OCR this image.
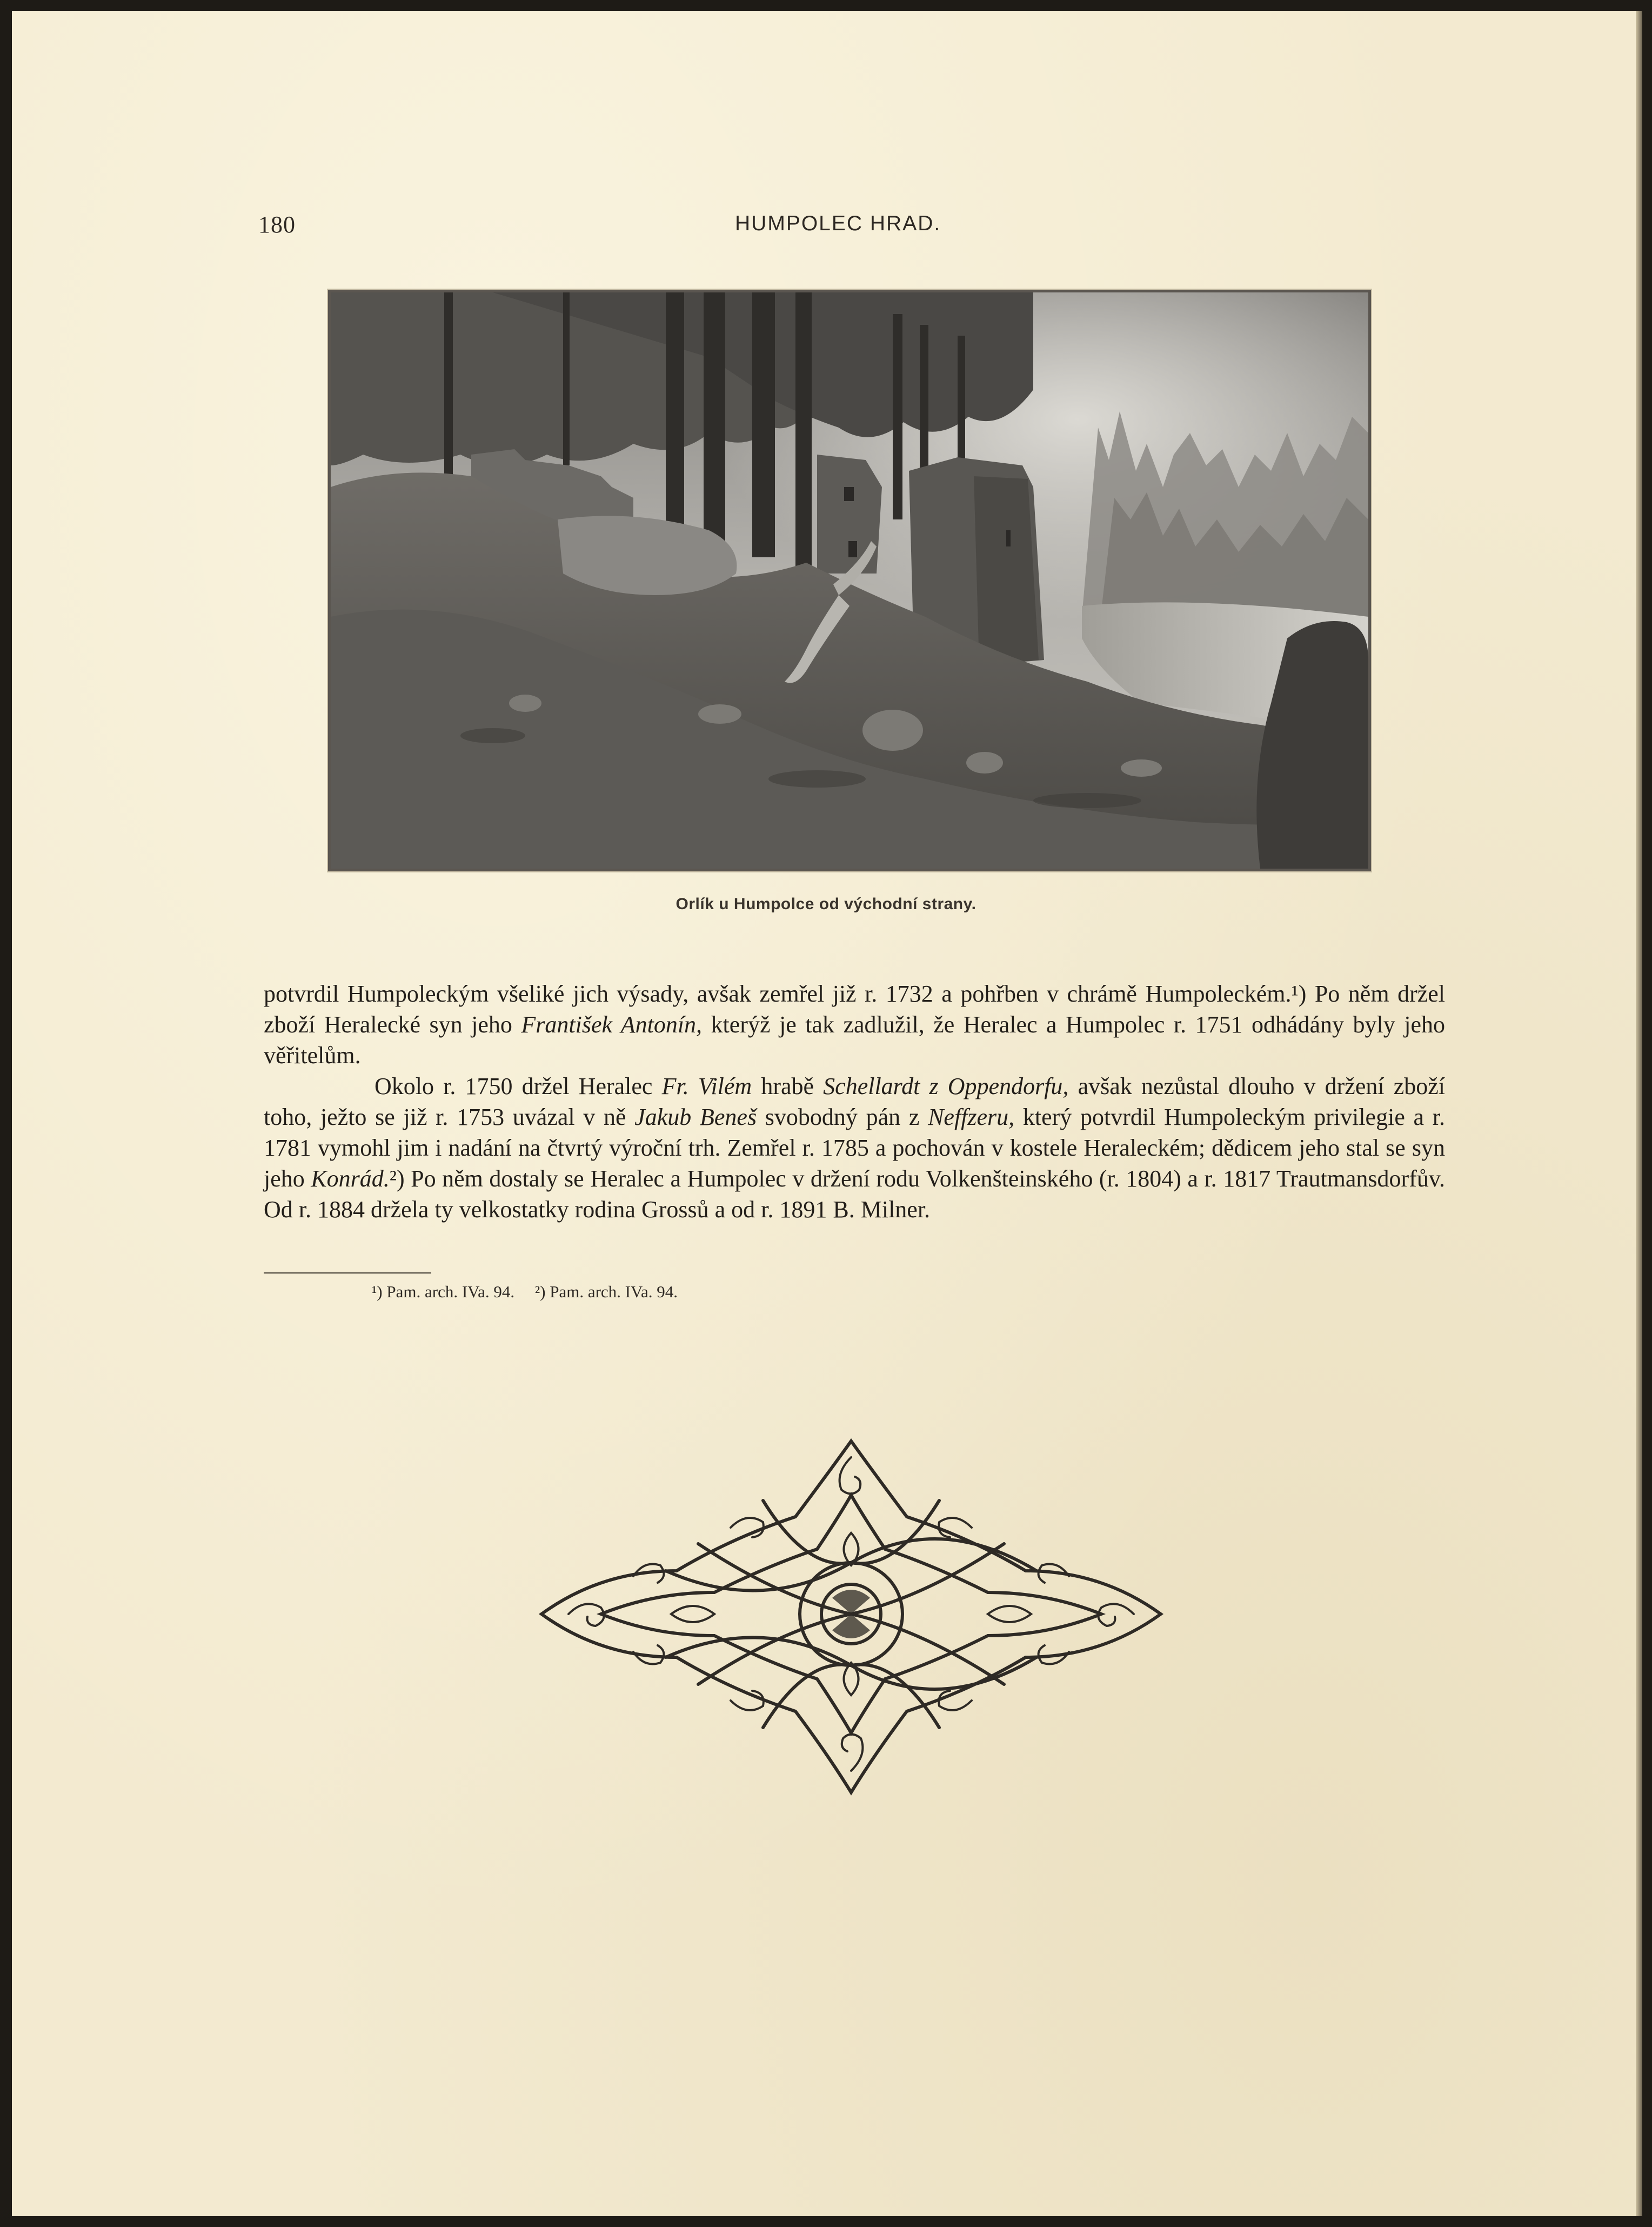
180	HUMPOLEC HRAD.
Orlík u Humpolce od východní strany.

potvrdil Humpoleckým všeliké jich výsady, avšak zemřel již r. 1732 a pohřben v chrámě Humpoleckém.¹) Po něm držel zboží Heralecké syn jeho František Antonín, kterýž je tak zadlužil, že Heralec a Humpolec r. 1751 odhádány byly jeho věřitelům.

Okolo r. 1750 držel Heralec Fr. Vilém hrabě Schellardt z Oppendorfu, avšak nezůstal dlouho v držení zboží toho, ježto se již r. 1753 uvázal v ně Jakub Beneš svobodný pán z Neffzeru, který potvrdil Humpoleckým privilegie a r. 1781 vymohl jim i nadání na čtvrtý výroční trh. Zemřel r. 1785 a pochován v kostele Heraleckém; dědicem jeho stal se syn jeho Konrád.²) Po něm dostaly se Heralec a Humpolec v držení rodu Volkenšteinského (r. 1804) a r. 1817 Trautmansdorfův. Od r. 1884 držela ty velkostatky rodina Grossů a od r. 1891 B. Milner.

¹) Pam. arch. IVa. 94. ²) Pam. arch. IVa. 94.
